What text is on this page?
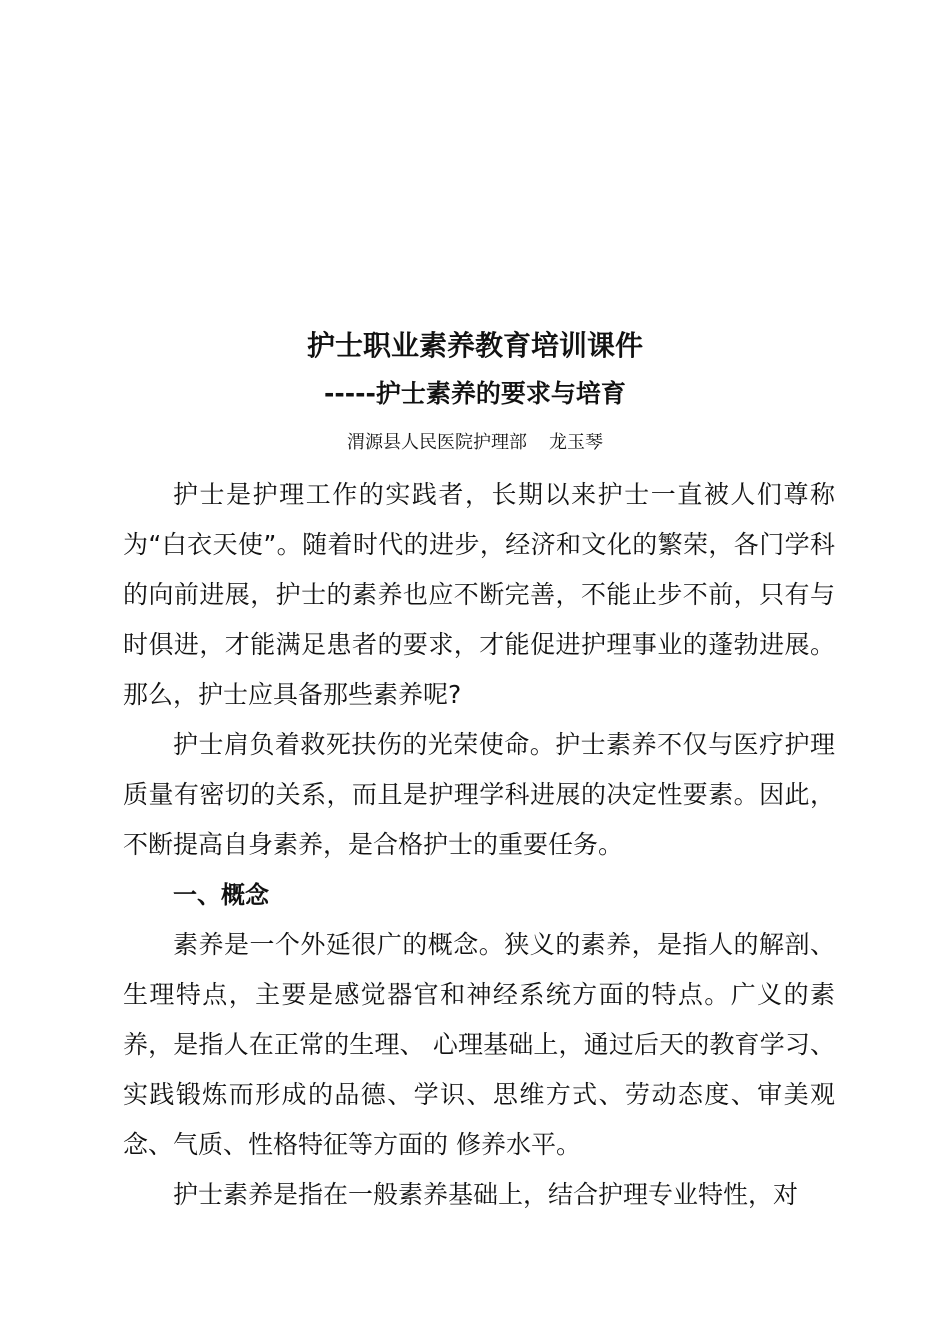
护士职业素养教育培训课件
-----护士素养的要求与培育
渭源县人民医院护理部 龙玉琴

护士是护理工作的实践者，长期以来护士一直被人们尊称为“白衣天使”。随着时代的进步，经济和文化的繁荣，各门学科的向前进展，护士的素养也应不断完善，不能止步不前，只有与时俱进，才能满足患者的要求，才能促进护理事业的蓬勃进展。那么，护士应具备那些素养呢?

护士肩负着救死扶伤的光荣使命。护士素养不仅与医疗护理质量有密切的关系，而且是护理学科进展的决定性要素。因此，不断提高自身素养，是合格护士的重要任务。

一、概念

素养是一个外延很广的概念。狭义的素养，是指人的解剖、生理特点，主要是感觉器官和神经系统方面的特点。广义的素养，是指人在正常的生理、 心理基础上，通过后天的教育学习、实践锻炼而形成的品德、学识、思维方式、劳动态度、审美观念、气质、性格特征等方面的 修养水平。

护士素养是指在一般素养基础上，结合护理专业特性，对
